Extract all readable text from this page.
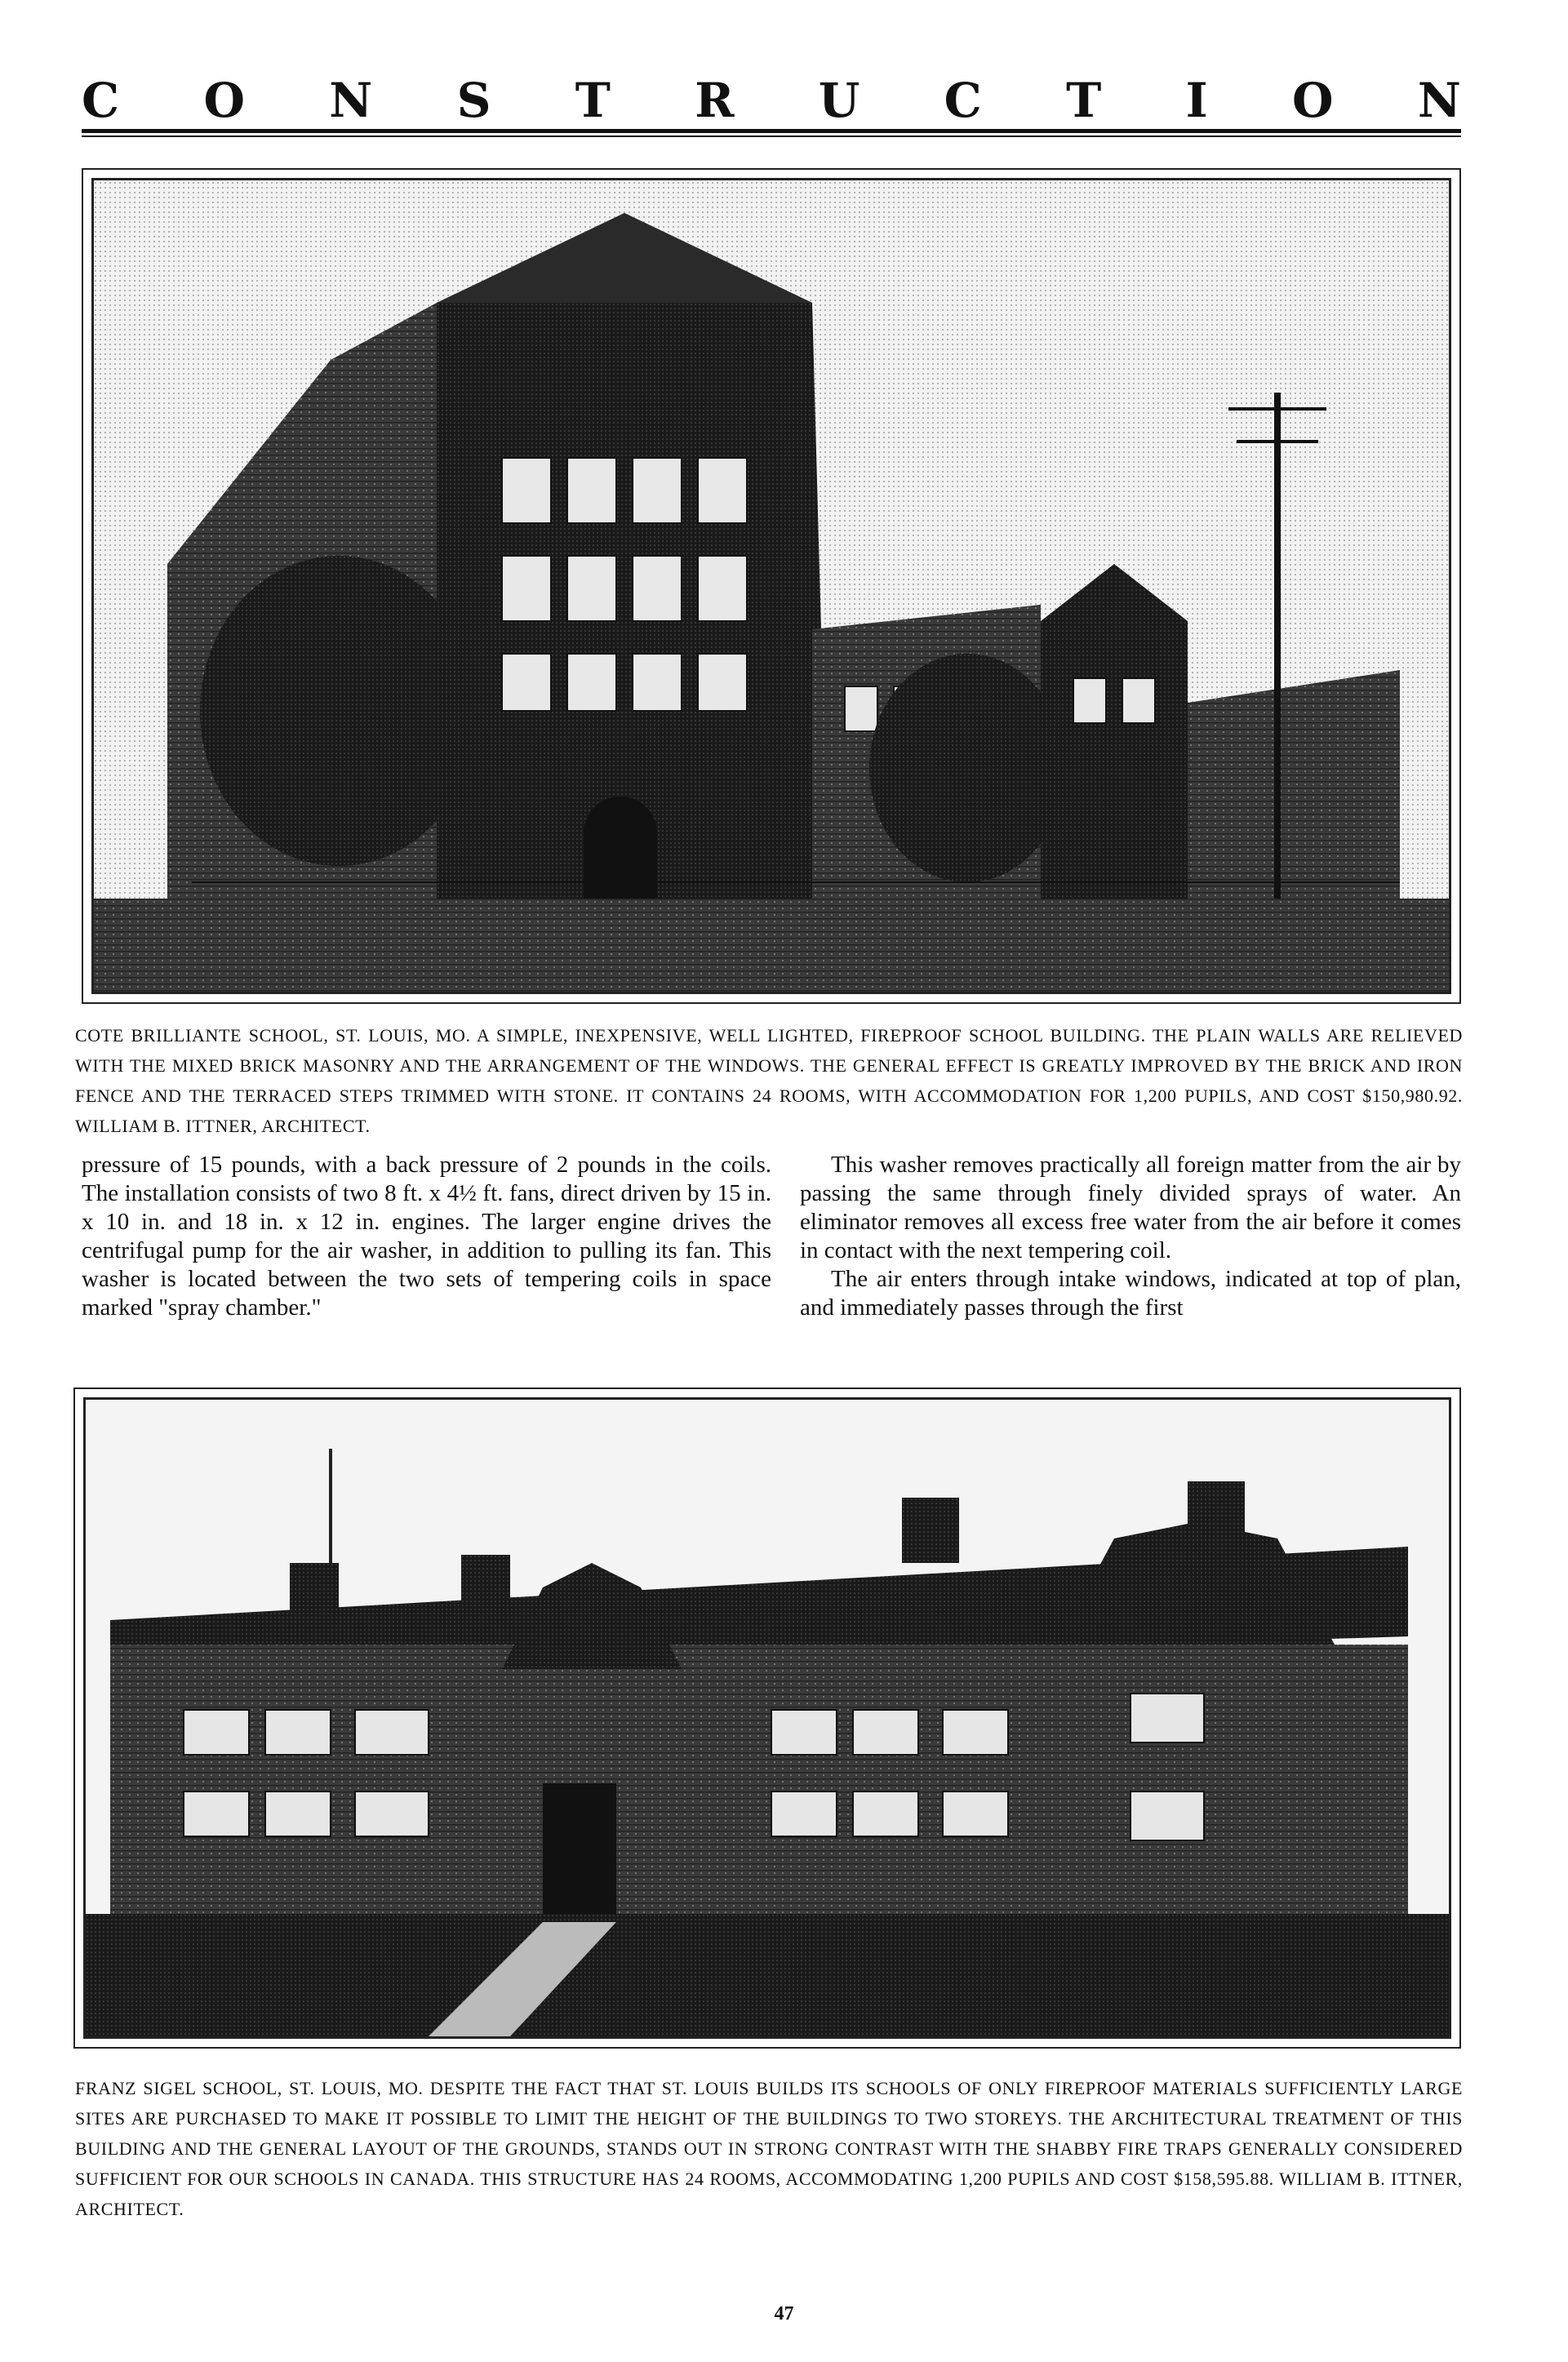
C O N S T R U C T I O N
COTE BRILLIANTE SCHOOL, ST. LOUIS, MO. A SIMPLE, INEXPENSIVE, WELL LIGHTED, FIREPROOF SCHOOL BUILDING. THE PLAIN WALLS ARE RELIEVED WITH THE MIXED BRICK MASONRY AND THE ARRANGEMENT OF THE WINDOWS. THE GENERAL EFFECT IS GREATLY IMPROVED BY THE BRICK AND IRON FENCE AND THE TERRACED STEPS TRIMMED WITH STONE. IT CONTAINS 24 ROOMS, WITH ACCOMMODATION FOR 1,200 PUPILS, AND COST $150,980.92. WILLIAM B. ITTNER, ARCHITECT.

pressure of 15 pounds, with a back pressure of 2 pounds in the coils. The installation consists of two 8 ft. x 4½ ft. fans, direct driven by 15 in. x 10 in. and 18 in. x 12 in. engines. The larger engine drives the centrifugal pump for the air washer, in addition to pulling its fan. This washer is located between the two sets of tempering coils in space marked "spray chamber."

This washer removes practically all foreign matter from the air by passing the same through finely divided sprays of water. An eliminator removes all excess free water from the air before it comes in contact with the next tempering coil.

The air enters through intake windows, indicated at top of plan, and immediately passes through the first

FRANZ SIGEL SCHOOL, ST. LOUIS, MO. DESPITE THE FACT THAT ST. LOUIS BUILDS ITS SCHOOLS OF ONLY FIREPROOF MATERIALS SUFFICIENTLY LARGE SITES ARE PURCHASED TO MAKE IT POSSIBLE TO LIMIT THE HEIGHT OF THE BUILDINGS TO TWO STOREYS. THE ARCHITECTURAL TREATMENT OF THIS BUILDING AND THE GENERAL LAYOUT OF THE GROUNDS, STANDS OUT IN STRONG CONTRAST WITH THE SHABBY FIRE TRAPS GENERALLY CONSIDERED SUFFICIENT FOR OUR SCHOOLS IN CANADA. THIS STRUCTURE HAS 24 ROOMS, ACCOMMODATING 1,200 PUPILS AND COST $158,595.88. WILLIAM B. ITTNER, ARCHITECT.
47
